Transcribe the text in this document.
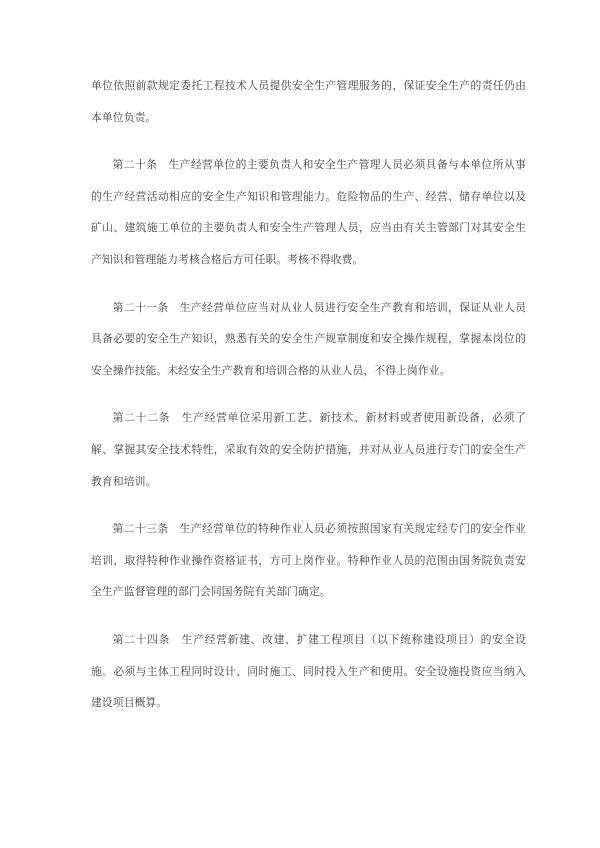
单位依照前款规定委托工程技术人员提供安全生产管理服务的，保证安全生产的责任仍由本单位负责。

第二十条　生产经营单位的主要负责人和安全生产管理人员必须具备与本单位所从事的生产经营活动相应的安全生产知识和管理能力。危险物品的生产、经营、储存单位以及矿山、建筑施工单位的主要负责人和安全生产管理人员，应当由有关主管部门对其安全生产知识和管理能力考核合格后方可任职。考核不得收费。

第二十一条　生产经营单位应当对从业人员进行安全生产教育和培训，保证从业人员具备必要的安全生产知识，熟悉有关的安全生产规章制度和安全操作规程，掌握本岗位的安全操作技能。未经安全生产教育和培训合格的从业人员，不得上岗作业。

第二十二条　生产经营单位采用新工艺、新技术、新材料或者使用新设备，必须了解、掌握其安全技术特性，采取有效的安全防护措施，并对从业人员进行专门的安全生产教育和培训。

第二十三条　生产经营单位的特种作业人员必须按照国家有关规定经专门的安全作业培训，取得特种作业操作资格证书，方可上岗作业。特种作业人员的范围由国务院负责安全生产监督管理的部门会同国务院有关部门确定。

第二十四条　生产经营新建、改建、扩建工程项目（以下统称建设项目）的安全设施。必须与主体工程同时设计、同时施工、同时投入生产和使用。安全设施投资应当纳入建设项目概算。
